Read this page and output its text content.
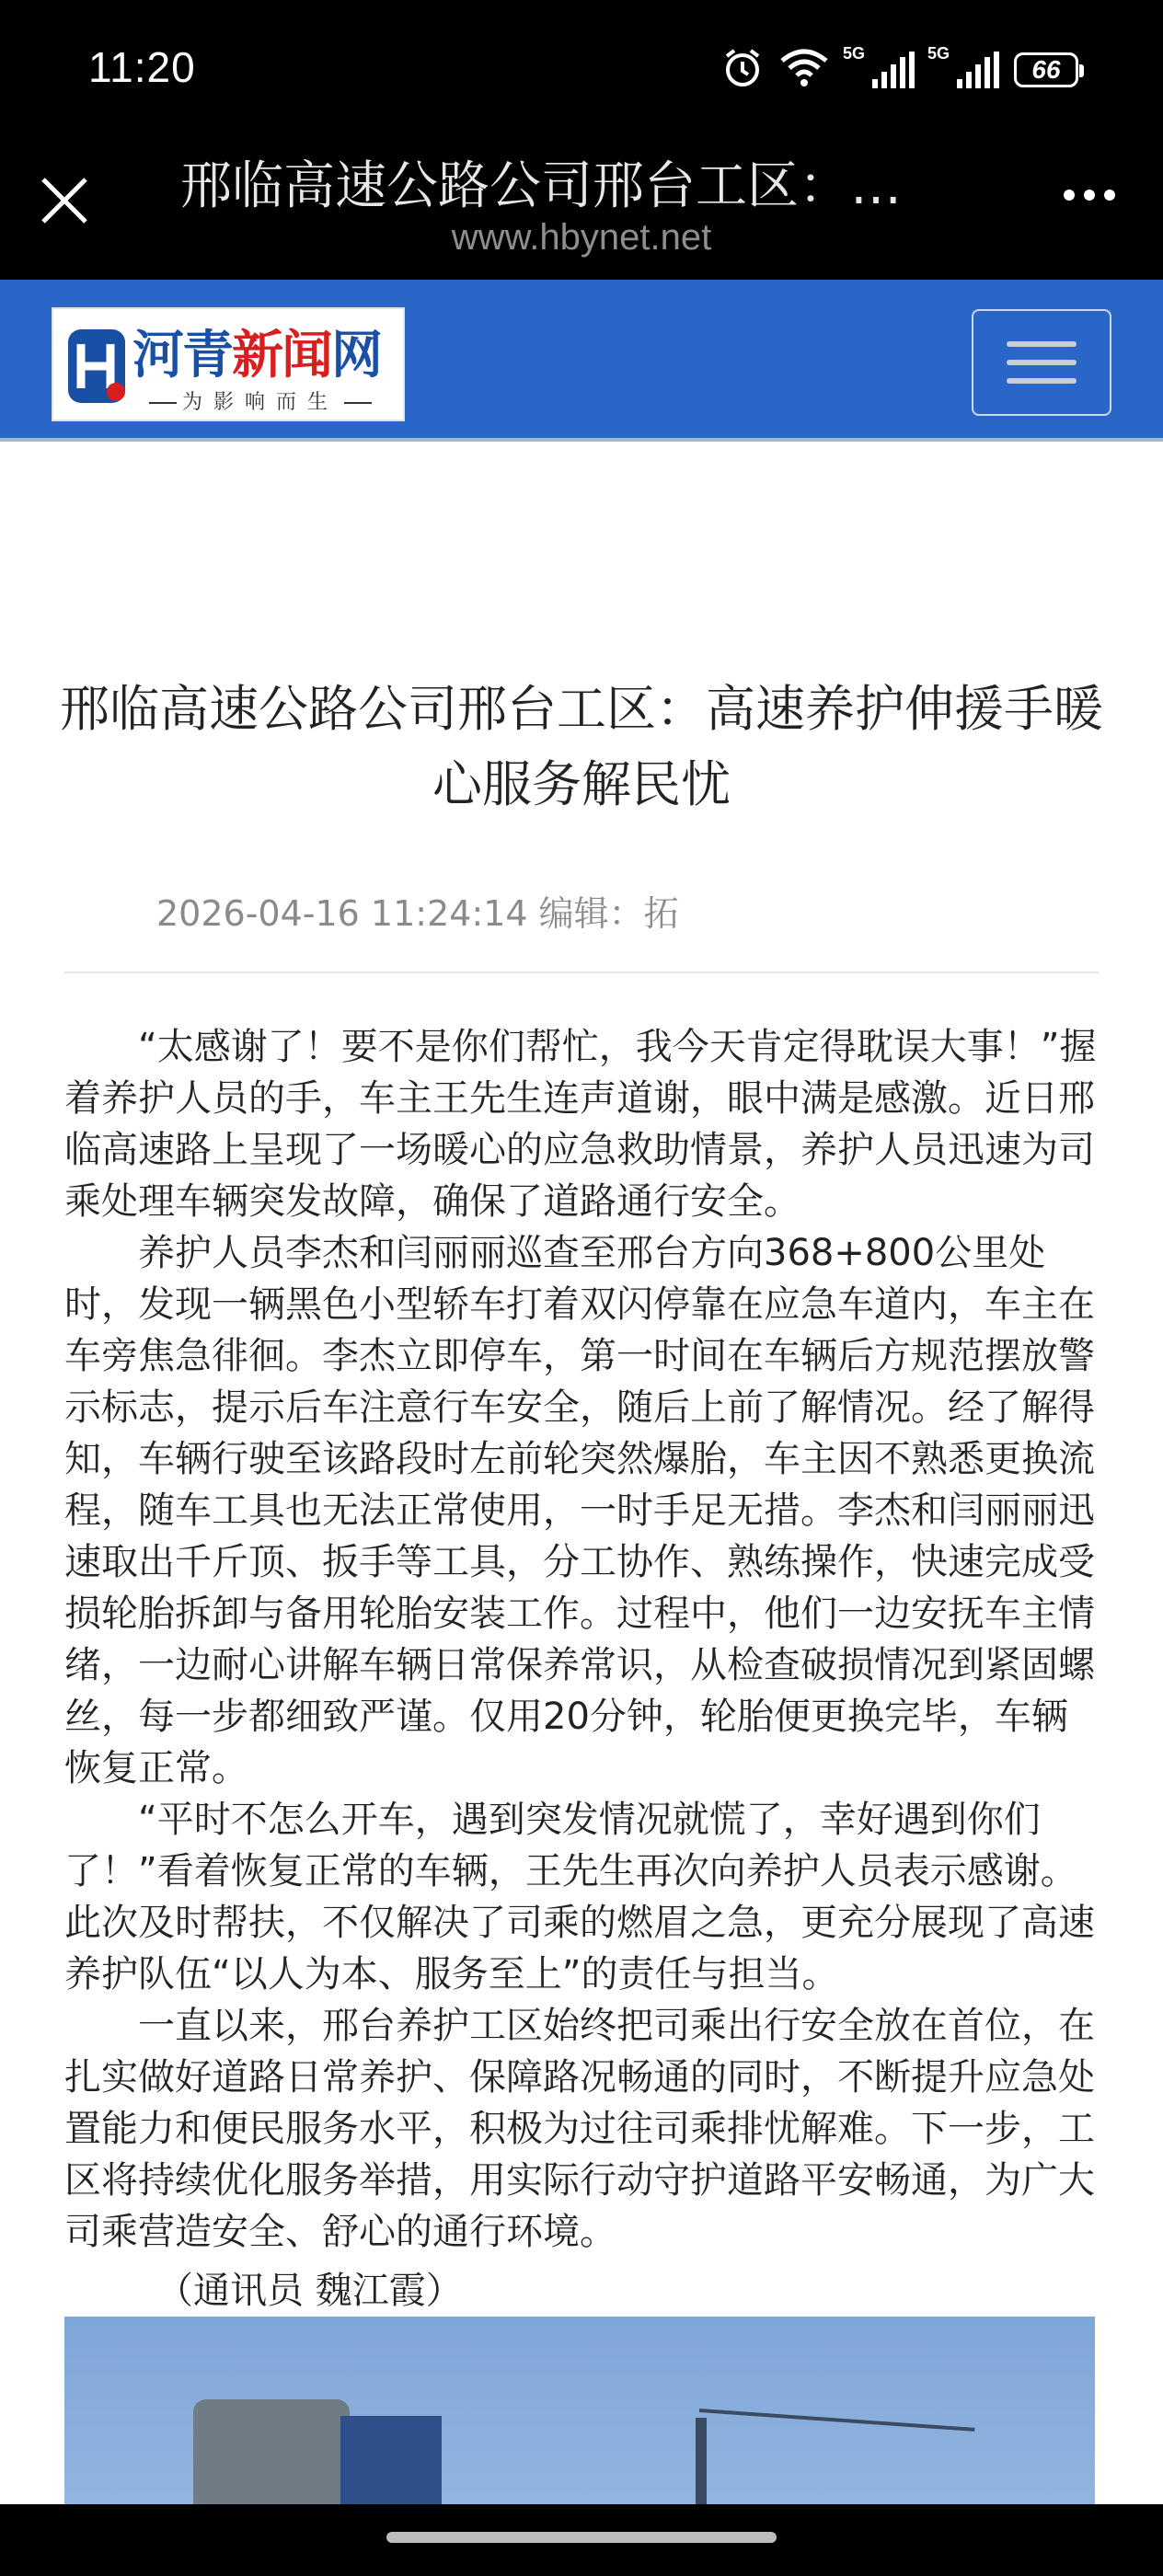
11:20	5G	5G
66
邢临高速公路公司邢台工区：…
www.hbynet.net
河青新闻网
为影响而生
邢临高速公路公司邢台工区：高速养护伸援手暖心服务解民忧
2026-04-16 11:24:14 编辑：拓

“太感谢了！要不是你们帮忙，我今天肯定得耽误大事！”握着养护人员的手，车主王先生连声道谢，眼中满是感激。近日邢临高速路上呈现了一场暖心的应急救助情景，养护人员迅速为司乘处理车辆突发故障，确保了道路通行安全。

养护人员李杰和闫丽丽巡查至邢台方向368+800公里处时，发现一辆黑色小型轿车打着双闪停靠在应急车道内，车主在车旁焦急徘徊。李杰立即停车，第一时间在车辆后方规范摆放警示标志，提示后车注意行车安全，随后上前了解情况。经了解得知，车辆行驶至该路段时左前轮突然爆胎，车主因不熟悉更换流程，随车工具也无法正常使用，一时手足无措。李杰和闫丽丽迅速取出千斤顶、扳手等工具，分工协作、熟练操作，快速完成受损轮胎拆卸与备用轮胎安装工作。过程中，他们一边安抚车主情绪，一边耐心讲解车辆日常保养常识，从检查破损情况到紧固螺丝，每一步都细致严谨。仅用20分钟，轮胎便更换完毕，车辆恢复正常。

“平时不怎么开车，遇到突发情况就慌了，幸好遇到你们了！”看着恢复正常的车辆，王先生再次向养护人员表示感谢。此次及时帮扶，不仅解决了司乘的燃眉之急，更充分展现了高速养护队伍“以人为本、服务至上”的责任与担当。

一直以来，邢台养护工区始终把司乘出行安全放在首位，在扎实做好道路日常养护、保障路况畅通的同时，不断提升应急处置能力和便民服务水平，积极为过往司乘排忧解难。下一步，工区将持续优化服务举措，用实际行动守护道路平安畅通，为广大司乘营造安全、舒心的通行环境。

（通讯员 魏江霞）
